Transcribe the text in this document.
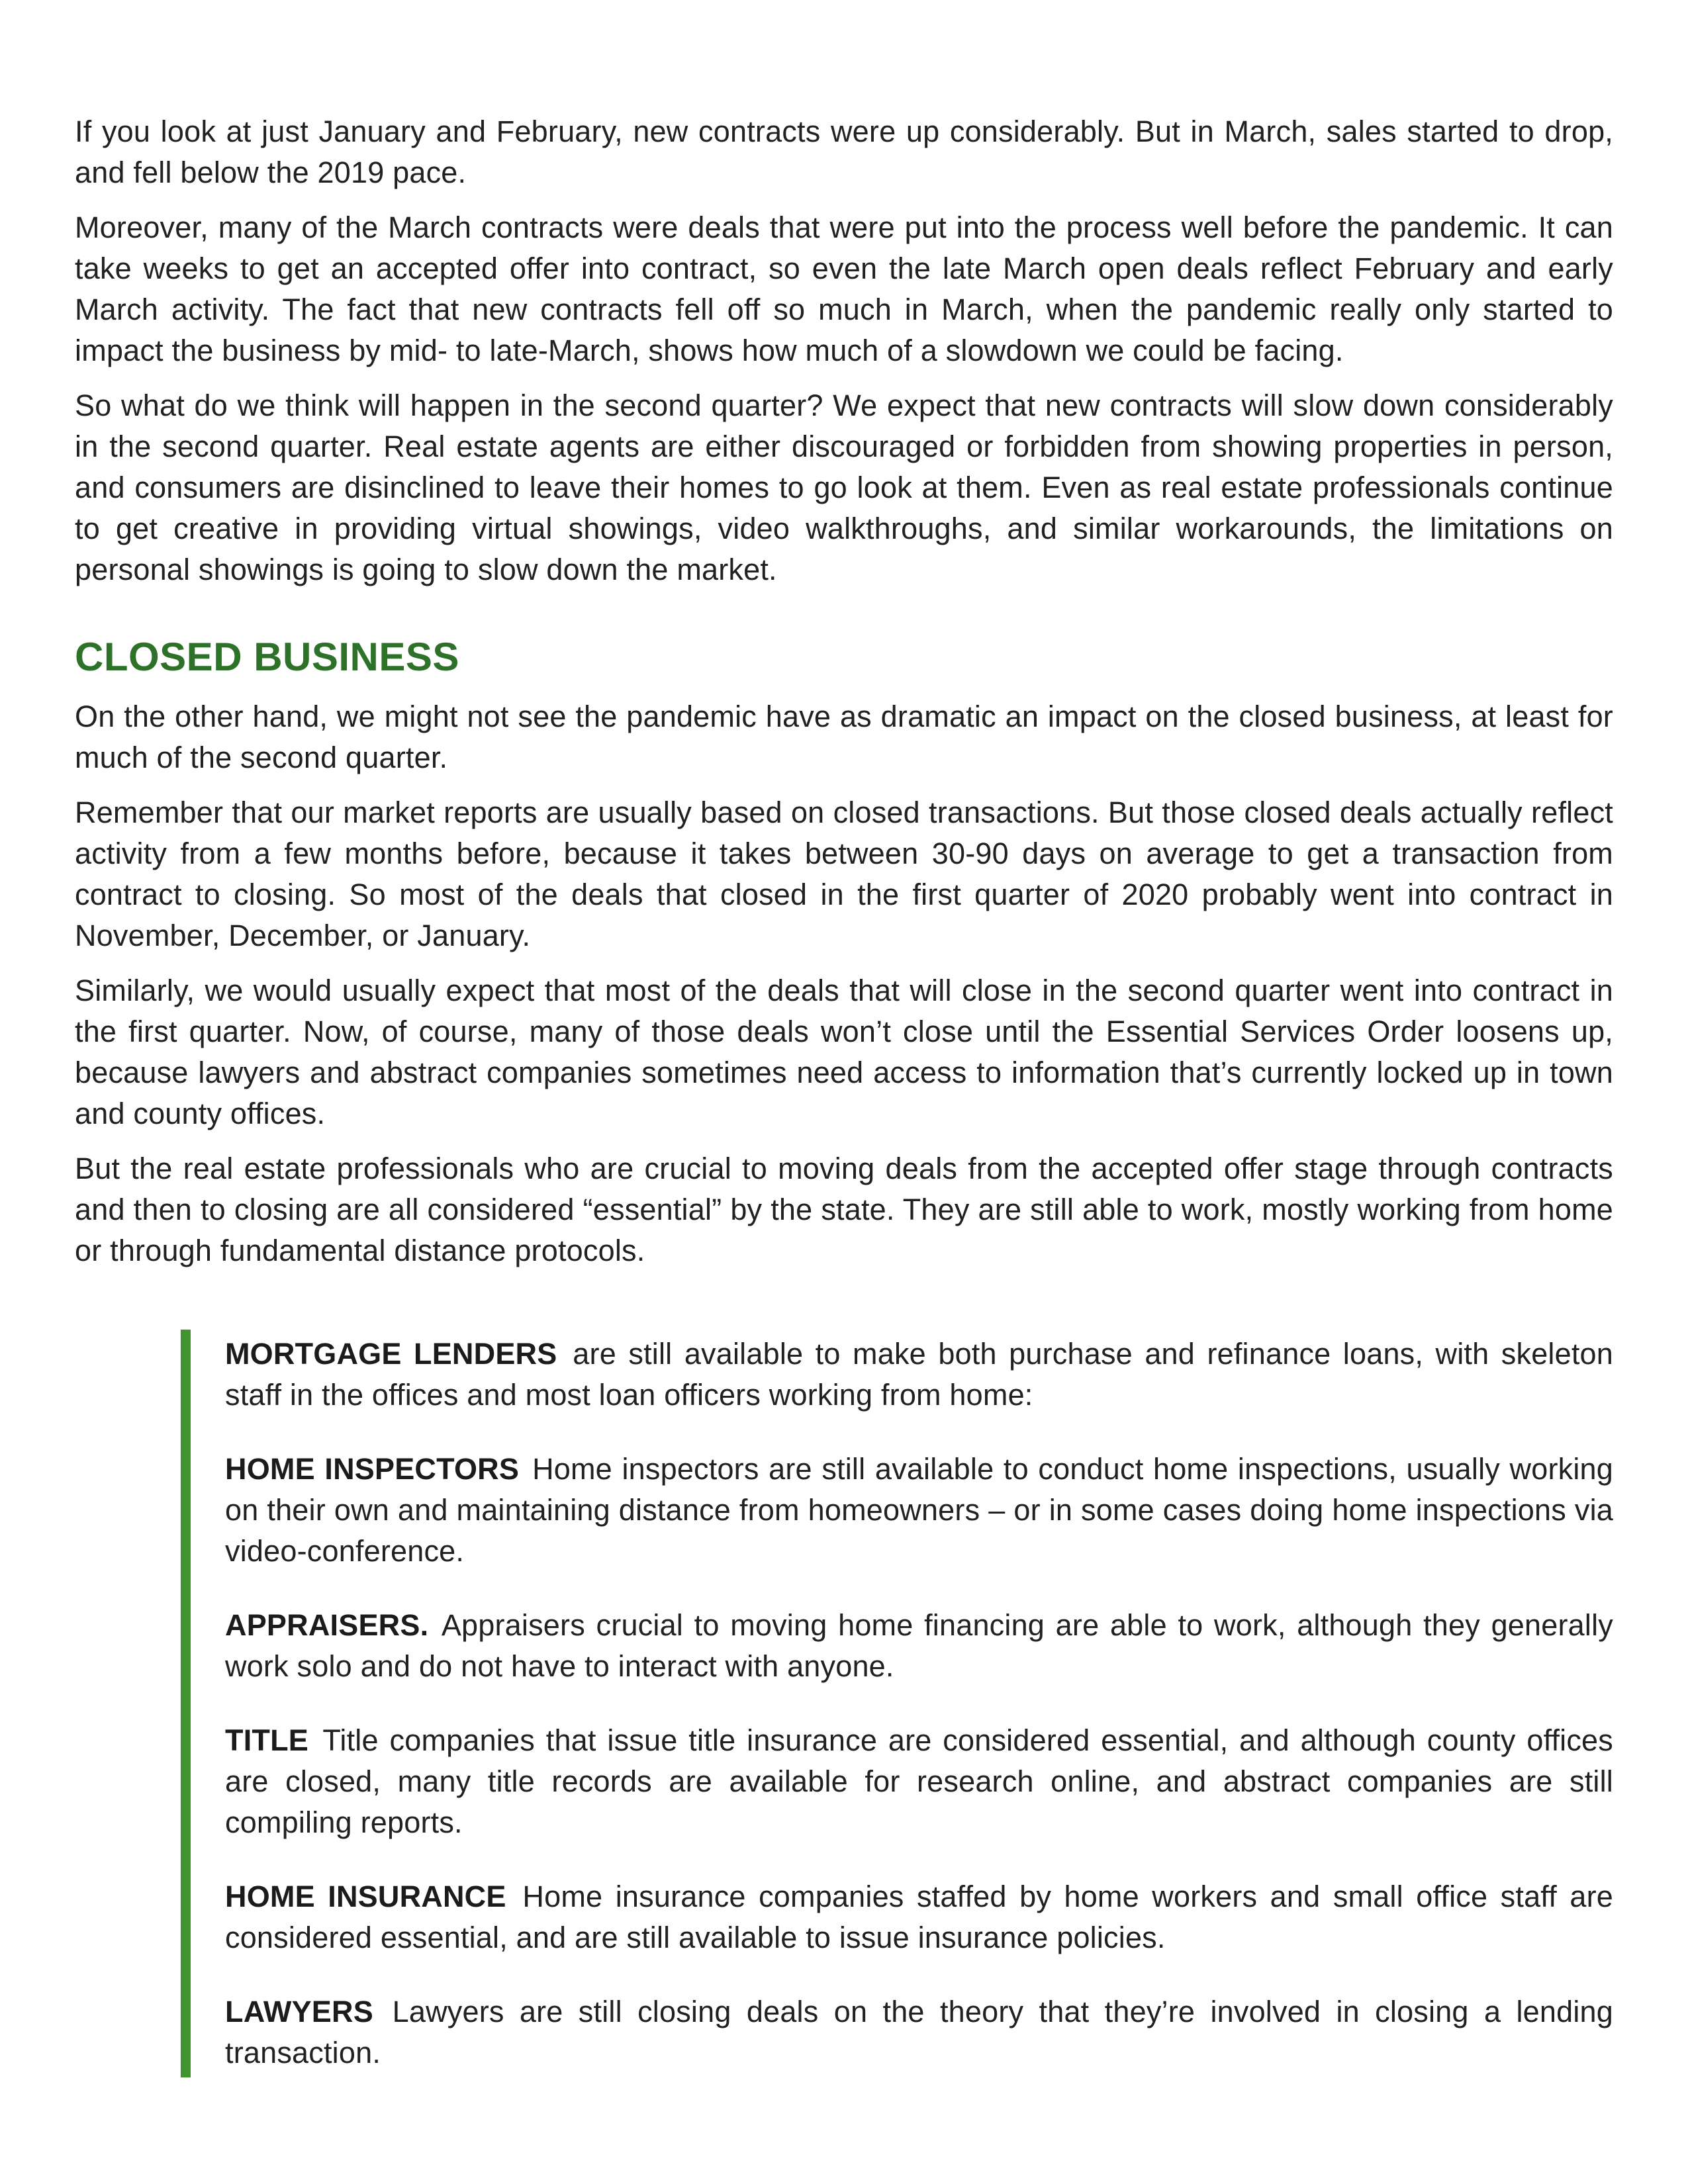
If you look at just January and February, new contracts were up considerably. But in March, sales started to drop, and fell below the 2019 pace.

Moreover, many of the March contracts were deals that were put into the process well before the pandemic. It can take weeks to get an accepted offer into contract, so even the late March open deals reflect February and early March activity. The fact that new contracts fell off so much in March, when the pandemic really only started to impact the business by mid- to late-March, shows how much of a slowdown we could be facing.

So what do we think will happen in the second quarter? We expect that new contracts will slow down considerably in the second quarter. Real estate agents are either discouraged or forbidden from showing properties in person, and consumers are disinclined to leave their homes to go look at them. Even as real estate professionals continue to get creative in providing virtual showings, video walkthroughs, and similar workarounds, the limitations on personal showings is going to slow down the market.

CLOSED BUSINESS

On the other hand, we might not see the pandemic have as dramatic an impact on the closed business, at least for much of the second quarter.

Remember that our market reports are usually based on closed transactions. But those closed deals actually reflect activity from a few months before, because it takes between 30-90 days on average to get a transaction from contract to closing. So most of the deals that closed in the first quarter of 2020 probably went into contract in November, December, or January.

Similarly, we would usually expect that most of the deals that will close in the second quarter went into contract in the first quarter. Now, of course, many of those deals won’t close until the Essential Services Order loosens up, because lawyers and abstract companies sometimes need access to information that’s currently locked up in town and county offices.

But the real estate professionals who are crucial to moving deals from the accepted offer stage through contracts and then to closing are all considered “essential” by the state. They are still able to work, mostly working from home or through fundamental distance protocols.

MORTGAGE LENDERS are still available to make both purchase and refinance loans, with skeleton staff in the offices and most loan officers working from home:

HOME INSPECTORS Home inspectors are still available to conduct home inspections, usually working on their own and maintaining distance from homeowners – or in some cases doing home inspections via video-conference.

APPRAISERS. Appraisers crucial to moving home financing are able to work, although they generally work solo and do not have to interact with anyone.

TITLE Title companies that issue title insurance are considered essential, and although county offices are closed, many title records are available for research online, and abstract companies are still compiling reports.

HOME INSURANCE Home insurance companies staffed by home workers and small office staff are considered essential, and are still available to issue insurance policies.

LAWYERS Lawyers are still closing deals on the theory that they’re involved in closing a lending transaction.
